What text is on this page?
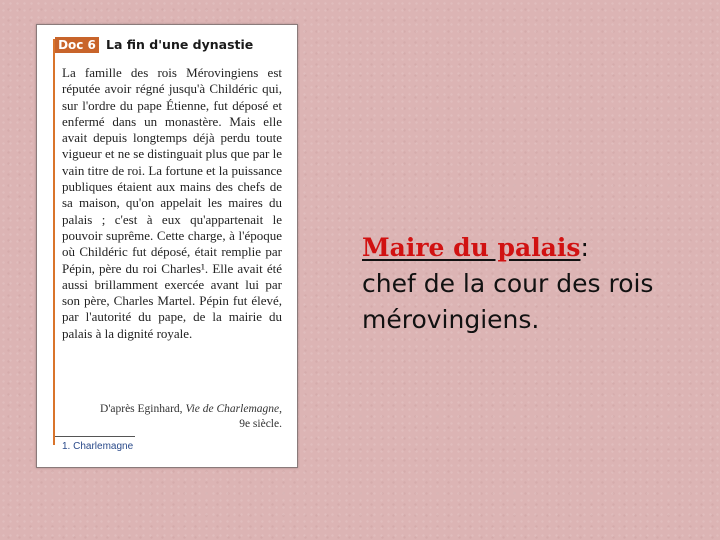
Doc 6 La fin d'une dynastie

La famille des rois Mérovingiens est réputée avoir régné jusqu'à Childéric qui, sur l'ordre du pape Étienne, fut déposé et enfermé dans un monastère. Mais elle avait depuis longtemps déjà perdu toute vigueur et ne se distinguait plus que par le vain titre de roi. La fortune et la puissance publiques étaient aux mains des chefs de sa maison, qu'on appelait les maires du palais ; c'est à eux qu'appartenait le pouvoir suprême. Cette charge, à l'époque où Childéric fut déposé, était remplie par Pépin, père du roi Charles¹. Elle avait été aussi brillamment exercée avant lui par son père, Charles Martel. Pépin fut élevé, par l'autorité du pape, de la mairie du palais à la dignité royale.

D'après Eginhard, Vie de Charlemagne,
9e siècle.

1. Charlemagne

Maire du palais:
chef de la cour des rois mérovingiens.
